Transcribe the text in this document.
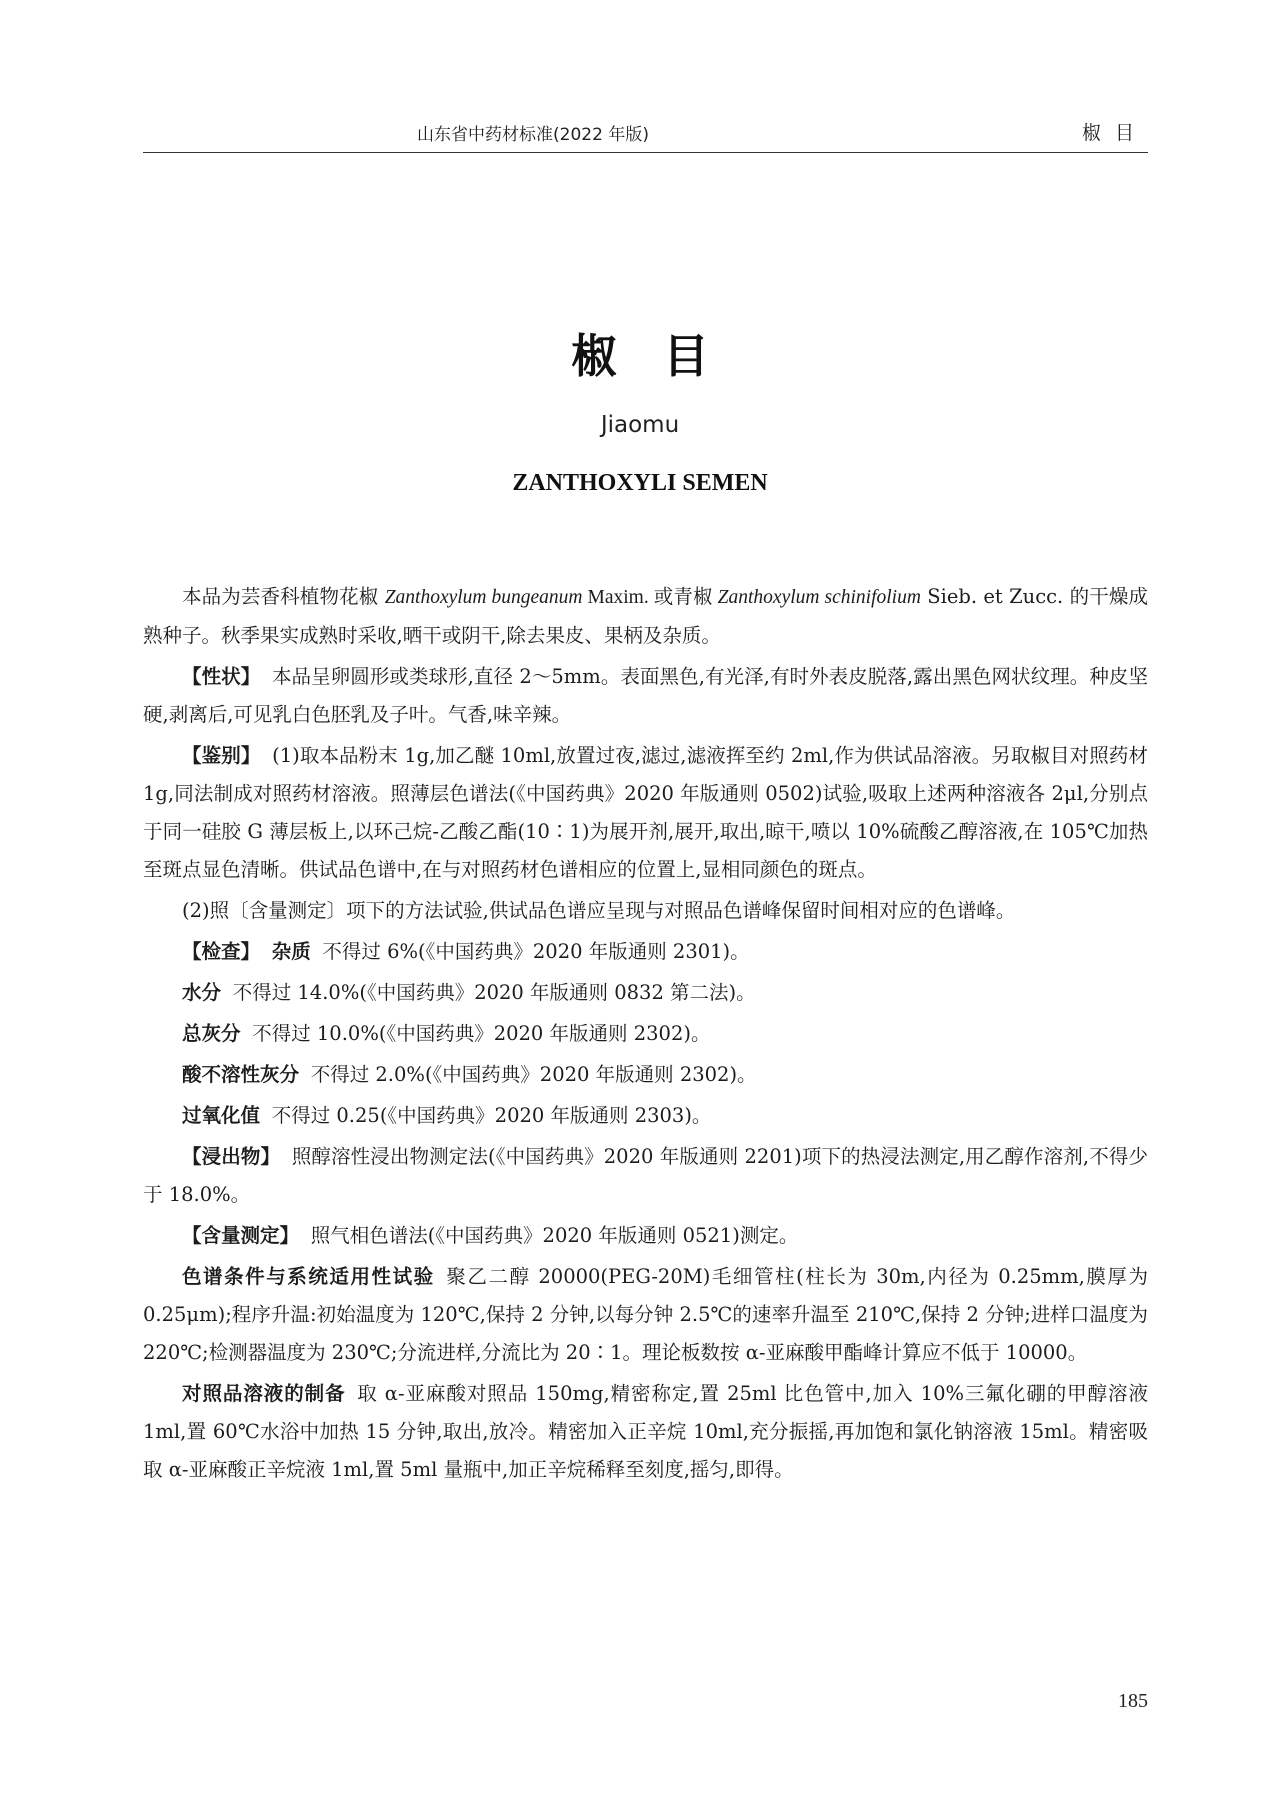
山东省中药材标准(2022 年版)	椒目
椒目
Jiaomu
ZANTHOXYLI SEMEN

本品为芸香科植物花椒 Zanthoxylum bungeanum Maxim. 或青椒 Zanthoxylum schinifolium Sieb. et Zucc. 的干燥成熟种子。秋季果实成熟时采收,晒干或阴干,除去果皮、果柄及杂质。

【性状】 本品呈卵圆形或类球形,直径 2～5mm。表面黑色,有光泽,有时外表皮脱落,露出黑色网状纹理。种皮坚硬,剥离后,可见乳白色胚乳及子叶。气香,味辛辣。

【鉴别】 (1)取本品粉末 1g,加乙醚 10ml,放置过夜,滤过,滤液挥至约 2ml,作为供试品溶液。另取椒目对照药材 1g,同法制成对照药材溶液。照薄层色谱法(《中国药典》2020 年版通则 0502)试验,吸取上述两种溶液各 2μl,分别点于同一硅胶 G 薄层板上,以环己烷-乙酸乙酯(10∶1)为展开剂,展开,取出,晾干,喷以 10%硫酸乙醇溶液,在 105℃加热至斑点显色清晰。供试品色谱中,在与对照药材色谱相应的位置上,显相同颜色的斑点。

(2)照〔含量测定〕项下的方法试验,供试品色谱应呈现与对照品色谱峰保留时间相对应的色谱峰。

【检查】 杂质 不得过 6%(《中国药典》2020 年版通则 2301)。

水分 不得过 14.0%(《中国药典》2020 年版通则 0832 第二法)。

总灰分 不得过 10.0%(《中国药典》2020 年版通则 2302)。

酸不溶性灰分 不得过 2.0%(《中国药典》2020 年版通则 2302)。

过氧化值 不得过 0.25(《中国药典》2020 年版通则 2303)。

【浸出物】 照醇溶性浸出物测定法(《中国药典》2020 年版通则 2201)项下的热浸法测定,用乙醇作溶剂,不得少于 18.0%。

【含量测定】 照气相色谱法(《中国药典》2020 年版通则 0521)测定。

色谱条件与系统适用性试验 聚乙二醇 20000(PEG-20M)毛细管柱(柱长为 30m,内径为 0.25mm,膜厚为 0.25μm);程序升温:初始温度为 120℃,保持 2 分钟,以每分钟 2.5℃的速率升温至 210℃,保持 2 分钟;进样口温度为 220℃;检测器温度为 230℃;分流进样,分流比为 20∶1。理论板数按 α-亚麻酸甲酯峰计算应不低于 10000。

对照品溶液的制备 取 α-亚麻酸对照品 150mg,精密称定,置 25ml 比色管中,加入 10%三氟化硼的甲醇溶液 1ml,置 60℃水浴中加热 15 分钟,取出,放冷。精密加入正辛烷 10ml,充分振摇,再加饱和氯化钠溶液 15ml。精密吸取 α-亚麻酸正辛烷液 1ml,置 5ml 量瓶中,加正辛烷稀释至刻度,摇匀,即得。

185
